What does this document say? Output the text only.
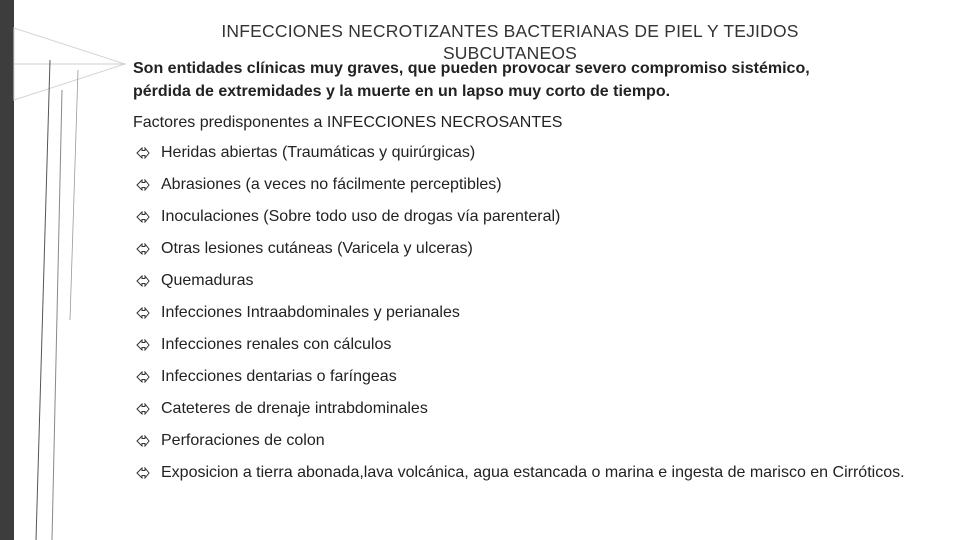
INFECCIONES NECROTIZANTES BACTERIANAS DE PIEL Y TEJIDOS SUBCUTANEOS
Son entidades clínicas muy graves, que pueden provocar severo compromiso sistémico, pérdida de extremidades y la muerte en un lapso muy corto de tiempo.
Factores predisponentes a INFECCIONES NECROSANTES
Heridas abiertas (Traumáticas y quirúrgicas)
Abrasiones (a veces no fácilmente perceptibles)
Inoculaciones (Sobre todo uso de drogas vía parenteral)
Otras lesiones cutáneas (Varicela y ulceras)
Quemaduras
Infecciones Intraabdominales y perianales
Infecciones renales con cálculos
Infecciones dentarias o faríngeas
Cateteres de drenaje intrabdominales
Perforaciones de colon
Exposicion a tierra abonada,lava volcánica, agua estancada o marina e ingesta de marisco en Cirróticos.
